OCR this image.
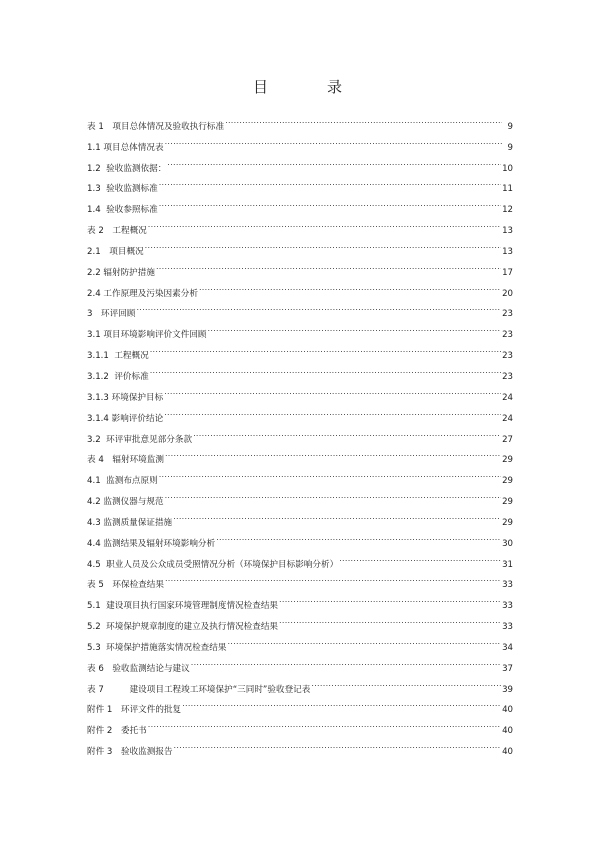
目　录
表 1　项目总体情况及验收执行标准 .....	9
1.1 项目总体情况表 .....	9
1.2  验收监测依据： .....	10
1.3  验收监测标准 .....	11
1.4  验收参照标准 .....	12
表 2　工程概况 .....	13
2.1　项目概况 .....	13
2.2 辐射防护措施 .....	17
2.4 工作原理及污染因素分析 .....	20
3　环评回顾 .....	23
3.1 项目环境影响评价文件回顾 .....	23
3.1.1  工程概况 .....	23
3.1.2  评价标准 .....	23
3.1.3 环境保护目标 .....	24
3.1.4 影响评价结论 .....	24
3.2  环评审批意见部分条款 .....	27
表 4　辐射环境监测 .....	29
4.1  监测布点原则 .....	29
4.2 监测仪器与规范 .....	29
4.3 监测质量保证措施 .....	29
4.4 监测结果及辐射环境影响分析 .....	30
4.5  职业人员及公众成员受照情况分析（环境保护目标影响分析） .....	31
表 5　环保检查结果 .....	33
5.1  建设项目执行国家环境管理制度情况检查结果 .....	33
5.2  环境保护规章制度的建立及执行情况检查结果 .....	33
5.3  环境保护措施落实情况检查结果 .....	34
表 6　验收监测结论与建议 .....	37
表 7　　　建设项目工程竣工环境保护“三同时”验收登记表 .....	39
附件 1　环评文件的批复 .....	40
附件 2　委托书 .....	40
附件 3　验收监测报告 .....	40
